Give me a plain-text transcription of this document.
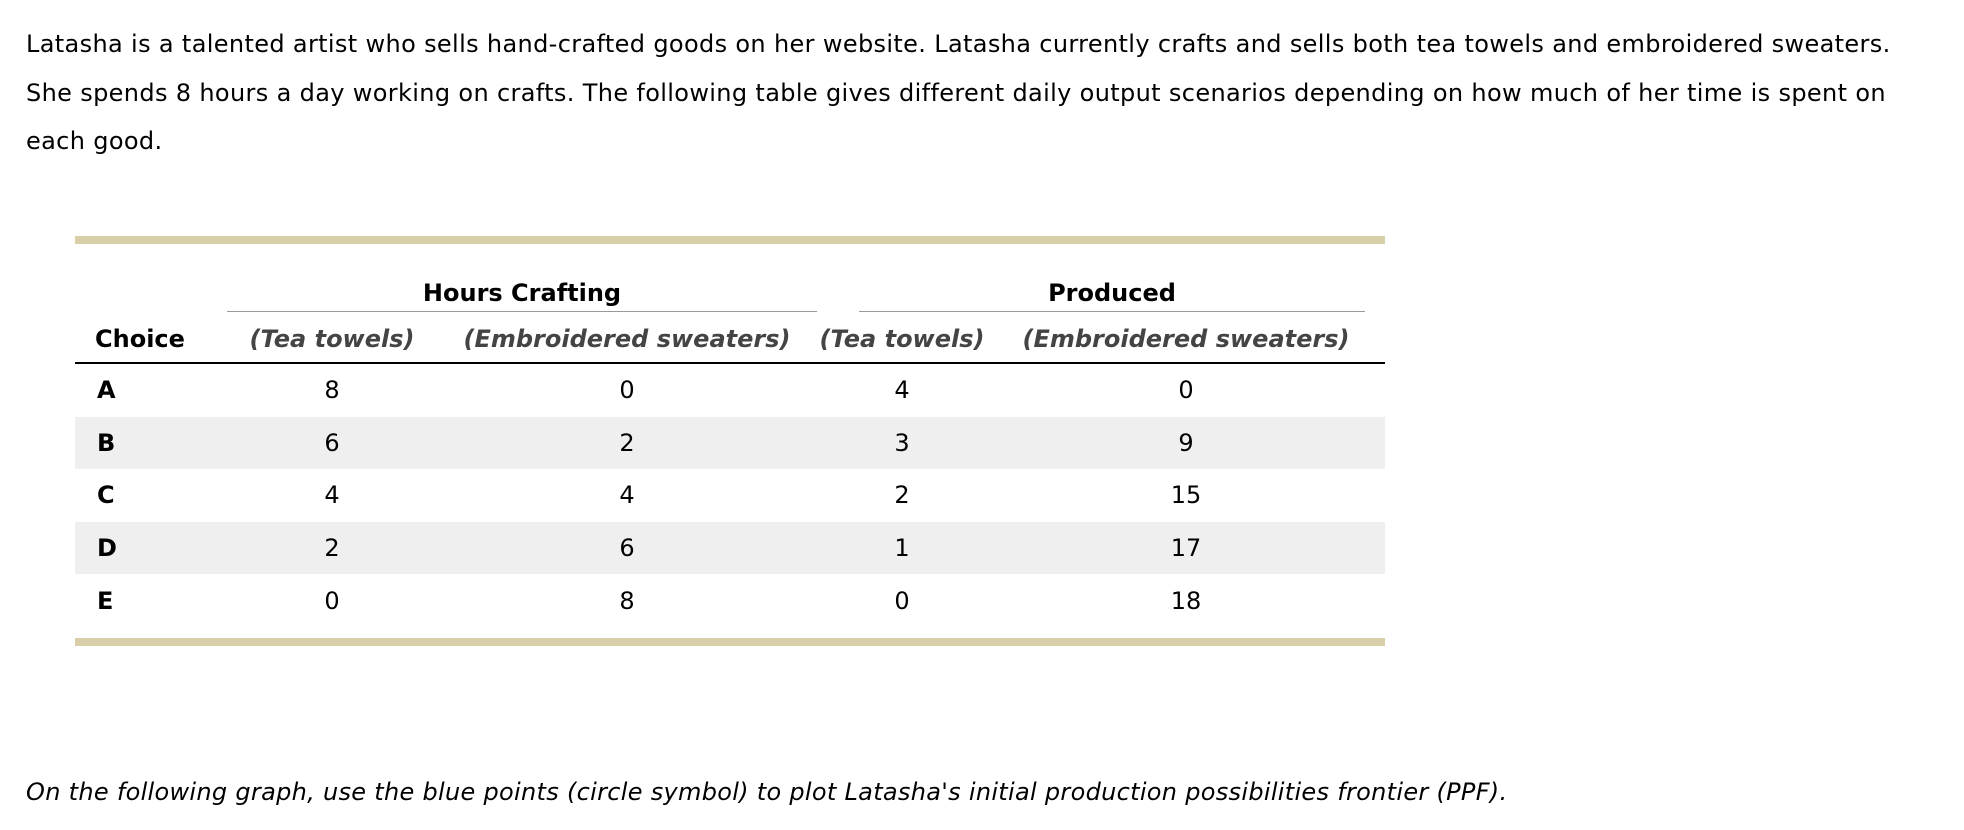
Latasha is a talented artist who sells hand-crafted goods on her website. Latasha currently crafts and sells both tea towels and embroidered sweaters. She spends 8 hours a day working on crafts. The following table gives different daily output scenarios depending on how much of her time is spent on each good.

	Hours Crafting		Produced	

Choice	(Tea towels)	(Embroidered sweaters)	(Tea towels)	(Embroidered sweaters)
A	8	0	4	0
B	6	2	3	9
C	4	4	2	15
D	2	6	1	17
E	0	8	0	18

On the following graph, use the blue points (circle symbol) to plot Latasha's initial production possibilities frontier (PPF).
